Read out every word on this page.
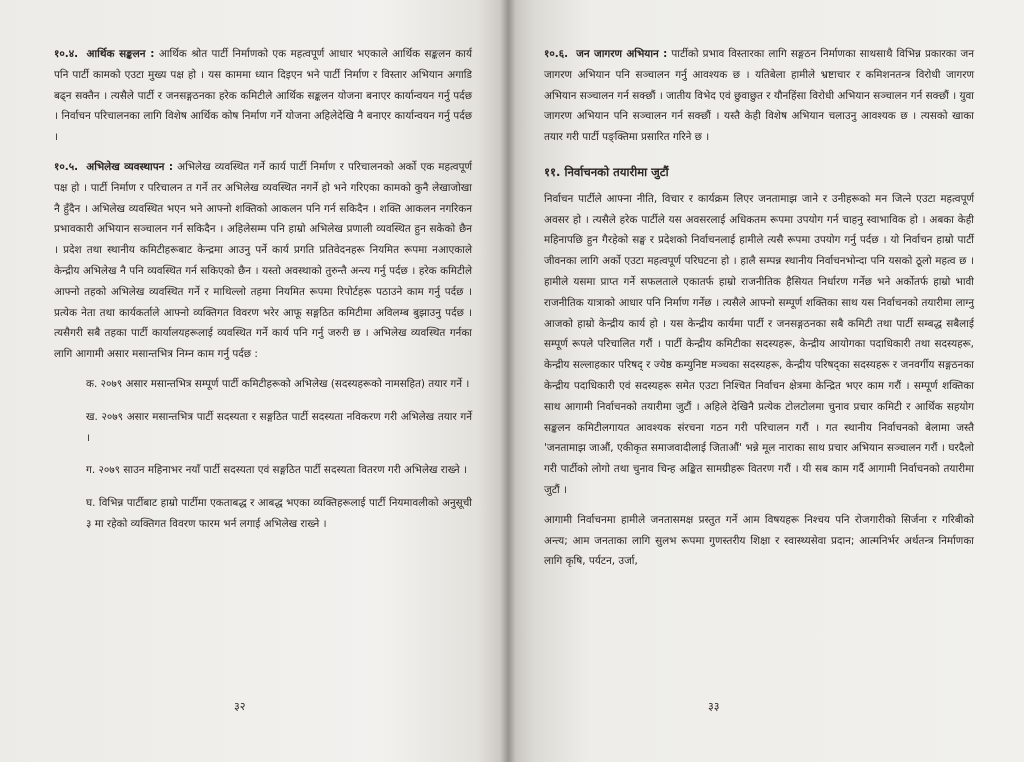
१०.४. आर्थिक सङ्कलन : आर्थिक श्रोत पार्टी निर्माणको एक महत्वपूर्ण आधार भएकाले आर्थिक सङ्कलन कार्य पनि पार्टी कामको एउटा मुख्य पक्ष हो । यस काममा ध्यान दिइएन भने पार्टी निर्माण र विस्तार अभियान अगाडि बढ्न सक्तैन । त्यसैले पार्टी र जनसङ्गठनका हरेक कमिटीले आर्थिक सङ्कलन योजना बनाएर कार्यान्वयन गर्नु पर्दछ । निर्वाचन परिचालनका लागि विशेष आर्थिक कोष निर्माण गर्ने योजना अहिलेदेखि नै बनाएर कार्यान्वयन गर्नु पर्दछ ।

१०.५. अभिलेख व्यवस्थापन : अभिलेख व्यवस्थित गर्ने कार्य पार्टी निर्माण र परिचालनको अर्को एक महत्वपूर्ण पक्ष हो । पार्टी निर्माण र परिचालन त गर्ने तर अभिलेख व्यवस्थित नगर्ने हो भने गरिएका कामको कुनै लेखाजोखा नै हुँदैन । अभिलेख व्यवस्थित भएन भने आफ्नो शक्तिको आकलन पनि गर्न सकिदैन । शक्ति आकलन नगरिकन प्रभावकारी अभियान सञ्चालन गर्न सकिदैन । अहिलेसम्म पनि हाम्रो अभिलेख प्रणाली व्यवस्थित हुन सकेको छैन । प्रदेश तथा स्थानीय कमिटीहरूबाट केन्द्रमा आउनु पर्ने कार्य प्रगति प्रतिवेदनहरू नियमित रूपमा नआएकाले केन्द्रीय अभिलेख नै पनि व्यवस्थित गर्न सकिएको छैन । यस्तो अवस्थाको तुरुन्तै अन्त्य गर्नु पर्दछ । हरेक कमिटीले आफ्नो तहको अभिलेख व्यवस्थित गर्ने र माथिल्लो तहमा नियमित रूपमा रिपोर्टहरू पठाउने काम गर्नु पर्दछ । प्रत्येक नेता तथा कार्यकर्ताले आफ्नो व्यक्तिगत विवरण भरेर आफू सङ्गठित कमिटीमा अविलम्ब बुझाउनु पर्दछ । त्यसैगरी सबै तहका पार्टी कार्यालयहरूलाई व्यवस्थित गर्ने कार्य पनि गर्नु जरुरी छ । अभिलेख व्यवस्थित गर्नका लागि आगामी असार मसान्तभित्र निम्न काम गर्नु पर्दछ :

क. २०७९ असार मसान्तभित्र सम्पूर्ण पार्टी कमिटीहरूको अभिलेख (सदस्यहरूको नामसहित) तयार गर्ने ।
ख. २०७९ असार मसान्तभित्र पार्टी सदस्यता र सङ्गठित पार्टी सदस्यता नविकरण गरी अभिलेख तयार गर्ने ।
ग. २०७९ साउन महिनाभर नयाँ पार्टी सदस्यता एवं सङ्गठित पार्टी सदस्यता वितरण गरी अभिलेख राख्ने ।
घ. विभिन्न पार्टीबाट हाम्रो पार्टीमा एकताबद्ध र आबद्ध भएका व्यक्तिहरूलाई पार्टी नियमावलीको अनुसूची ३ मा रहेको व्यक्तिगत विवरण फारम भर्न लगाई अभिलेख राख्ने ।
३२

१०.६. जन जागरण अभियान : पार्टीको प्रभाव विस्तारका लागि सङ्गठन निर्माणका साथसाथै विभिन्न प्रकारका जन जागरण अभियान पनि सञ्चालन गर्नु आवश्यक छ । यतिबेला हामीले भ्रष्टाचार र कमिशनतन्त्र विरोधी जागरण अभियान सञ्चालन गर्न सक्छौं । जातीय विभेद एवं छुवाछुत र यौनहिंसा विरोधी अभियान सञ्चालन गर्न सक्छौं । युवा जागरण अभियान पनि सञ्चालन गर्न सक्छौं । यस्तै केही विशेष अभियान चलाउनु आवश्यक छ । त्यसको खाका तयार गरी पार्टी पङ्क्तिमा प्रसारित गरिने छ ।

११. निर्वाचनको तयारीमा जुटौं

निर्वाचन पार्टीले आफ्ना नीति, विचार र कार्यक्रम लिएर जनतामाझ जाने र उनीहरूको मन जित्ने एउटा महत्वपूर्ण अवसर हो । त्यसैले हरेक पार्टीले यस अवसरलाई अधिकतम रूपमा उपयोग गर्न चाहनु स्वाभाविक हो । अबका केही महिनापछि हुन गैरहेको सङ्घ र प्रदेशको निर्वाचनलाई हामीले त्यसै रूपमा उपयोग गर्नु पर्दछ । यो निर्वाचन हाम्रो पार्टी जीवनका लागि अर्को एउटा महत्वपूर्ण परिघटना हो । हालै सम्पन्न स्थानीय निर्वाचनभोन्दा पनि यसको ठूलो महत्व छ । हामीले यसमा प्राप्त गर्ने सफलताले एकातर्फ हाम्रो राजनीतिक हैसियत निर्धारण गर्नेछ भने अर्कोतर्फ हाम्रो भावी राजनीतिक यात्राको आधार पनि निर्माण गर्नेछ । त्यसैले आफ्नो सम्पूर्ण शक्तिका साथ यस निर्वाचनको तयारीमा लाग्नु आजको हाम्रो केन्द्रीय कार्य हो । यस केन्द्रीय कार्यमा पार्टी र जनसङ्गठनका सबै कमिटी तथा पार्टी सम्बद्ध सबैलाई सम्पूर्ण रूपले परिचालित गरौं । पार्टी केन्द्रीय कमिटीका सदस्यहरू, केन्द्रीय आयोगका पदाधिकारी तथा सदस्यहरू, केन्द्रीय सल्लाहकार परिषद् र ज्येष्ठ कम्युनिष्ट मञ्चका सदस्यहरू, केन्द्रीय परिषद्का सदस्यहरू र जनवर्गीय सङ्गठनका केन्द्रीय पदाधिकारी एवं सदस्यहरू समेत एउटा निश्चित निर्वाचन क्षेत्रमा केन्द्रित भएर काम गरौं । सम्पूर्ण शक्तिका साथ आगामी निर्वाचनको तयारीमा जुटौं । अहिले देखिनै प्रत्येक टोलटोलमा चुनाव प्रचार कमिटी र आर्थिक सहयोग सङ्कलन कमिटीलगायत आवश्यक संरचना गठन गरी परिचालन गरौं । गत स्थानीय निर्वाचनको बेलामा जस्तै 'जनतामाझ जाऔं, एकीकृत समाजवादीलाई जिताऔं' भन्ने मूल नाराका साथ प्रचार अभियान सञ्चालन गरौं । घरदैलो गरी पार्टीको लोगो तथा चुनाव चिन्ह अङ्कित सामग्रीहरू वितरण गरौं । यी सब काम गर्दै आगामी निर्वाचनको तयारीमा जुटौं ।

आगामी निर्वाचनमा हामीले जनतासमक्ष प्रस्तुत गर्ने आम विषयहरू निश्चय पनि रोजगारीको सिर्जना र गरिबीको अन्त्य; आम जनताका लागि सुलभ रूपमा गुणस्तरीय शिक्षा र स्वास्थ्यसेवा प्रदान; आत्मनिर्भर अर्थतन्त्र निर्माणका लागि कृषि, पर्यटन, उर्जा,

३३
